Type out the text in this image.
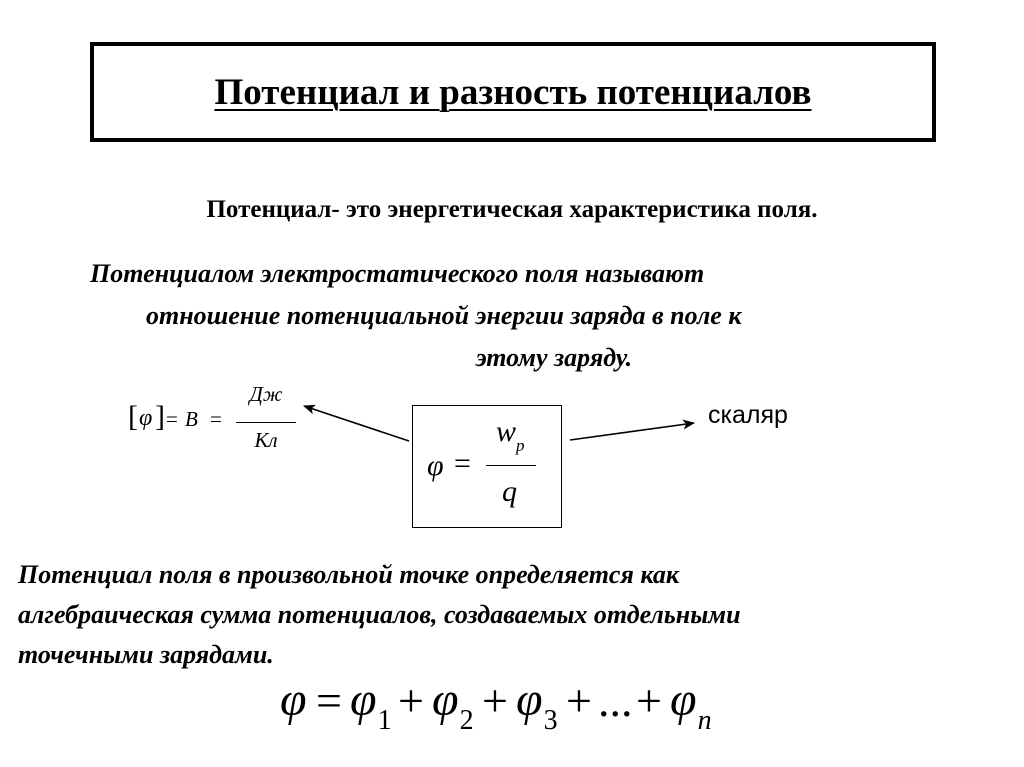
Потенциал и разность потенциалов
Потенциал- это энергетическая характеристика поля.
Потенциалом электростатического поля называют
отношение потенциальной энергии заряда в поле к
этому заряду.
[ φ ] = В =
Дж
Кл
φ =
$w_p$
q
скаляр
Потенциал поля в произвольной точке определяется как
алгебраическая сумма потенциалов, создаваемых отдельными
точечными зарядами.
$\varphi = \varphi_1 + \varphi_2 + \varphi_3$ + ... + $\varphi_n$
